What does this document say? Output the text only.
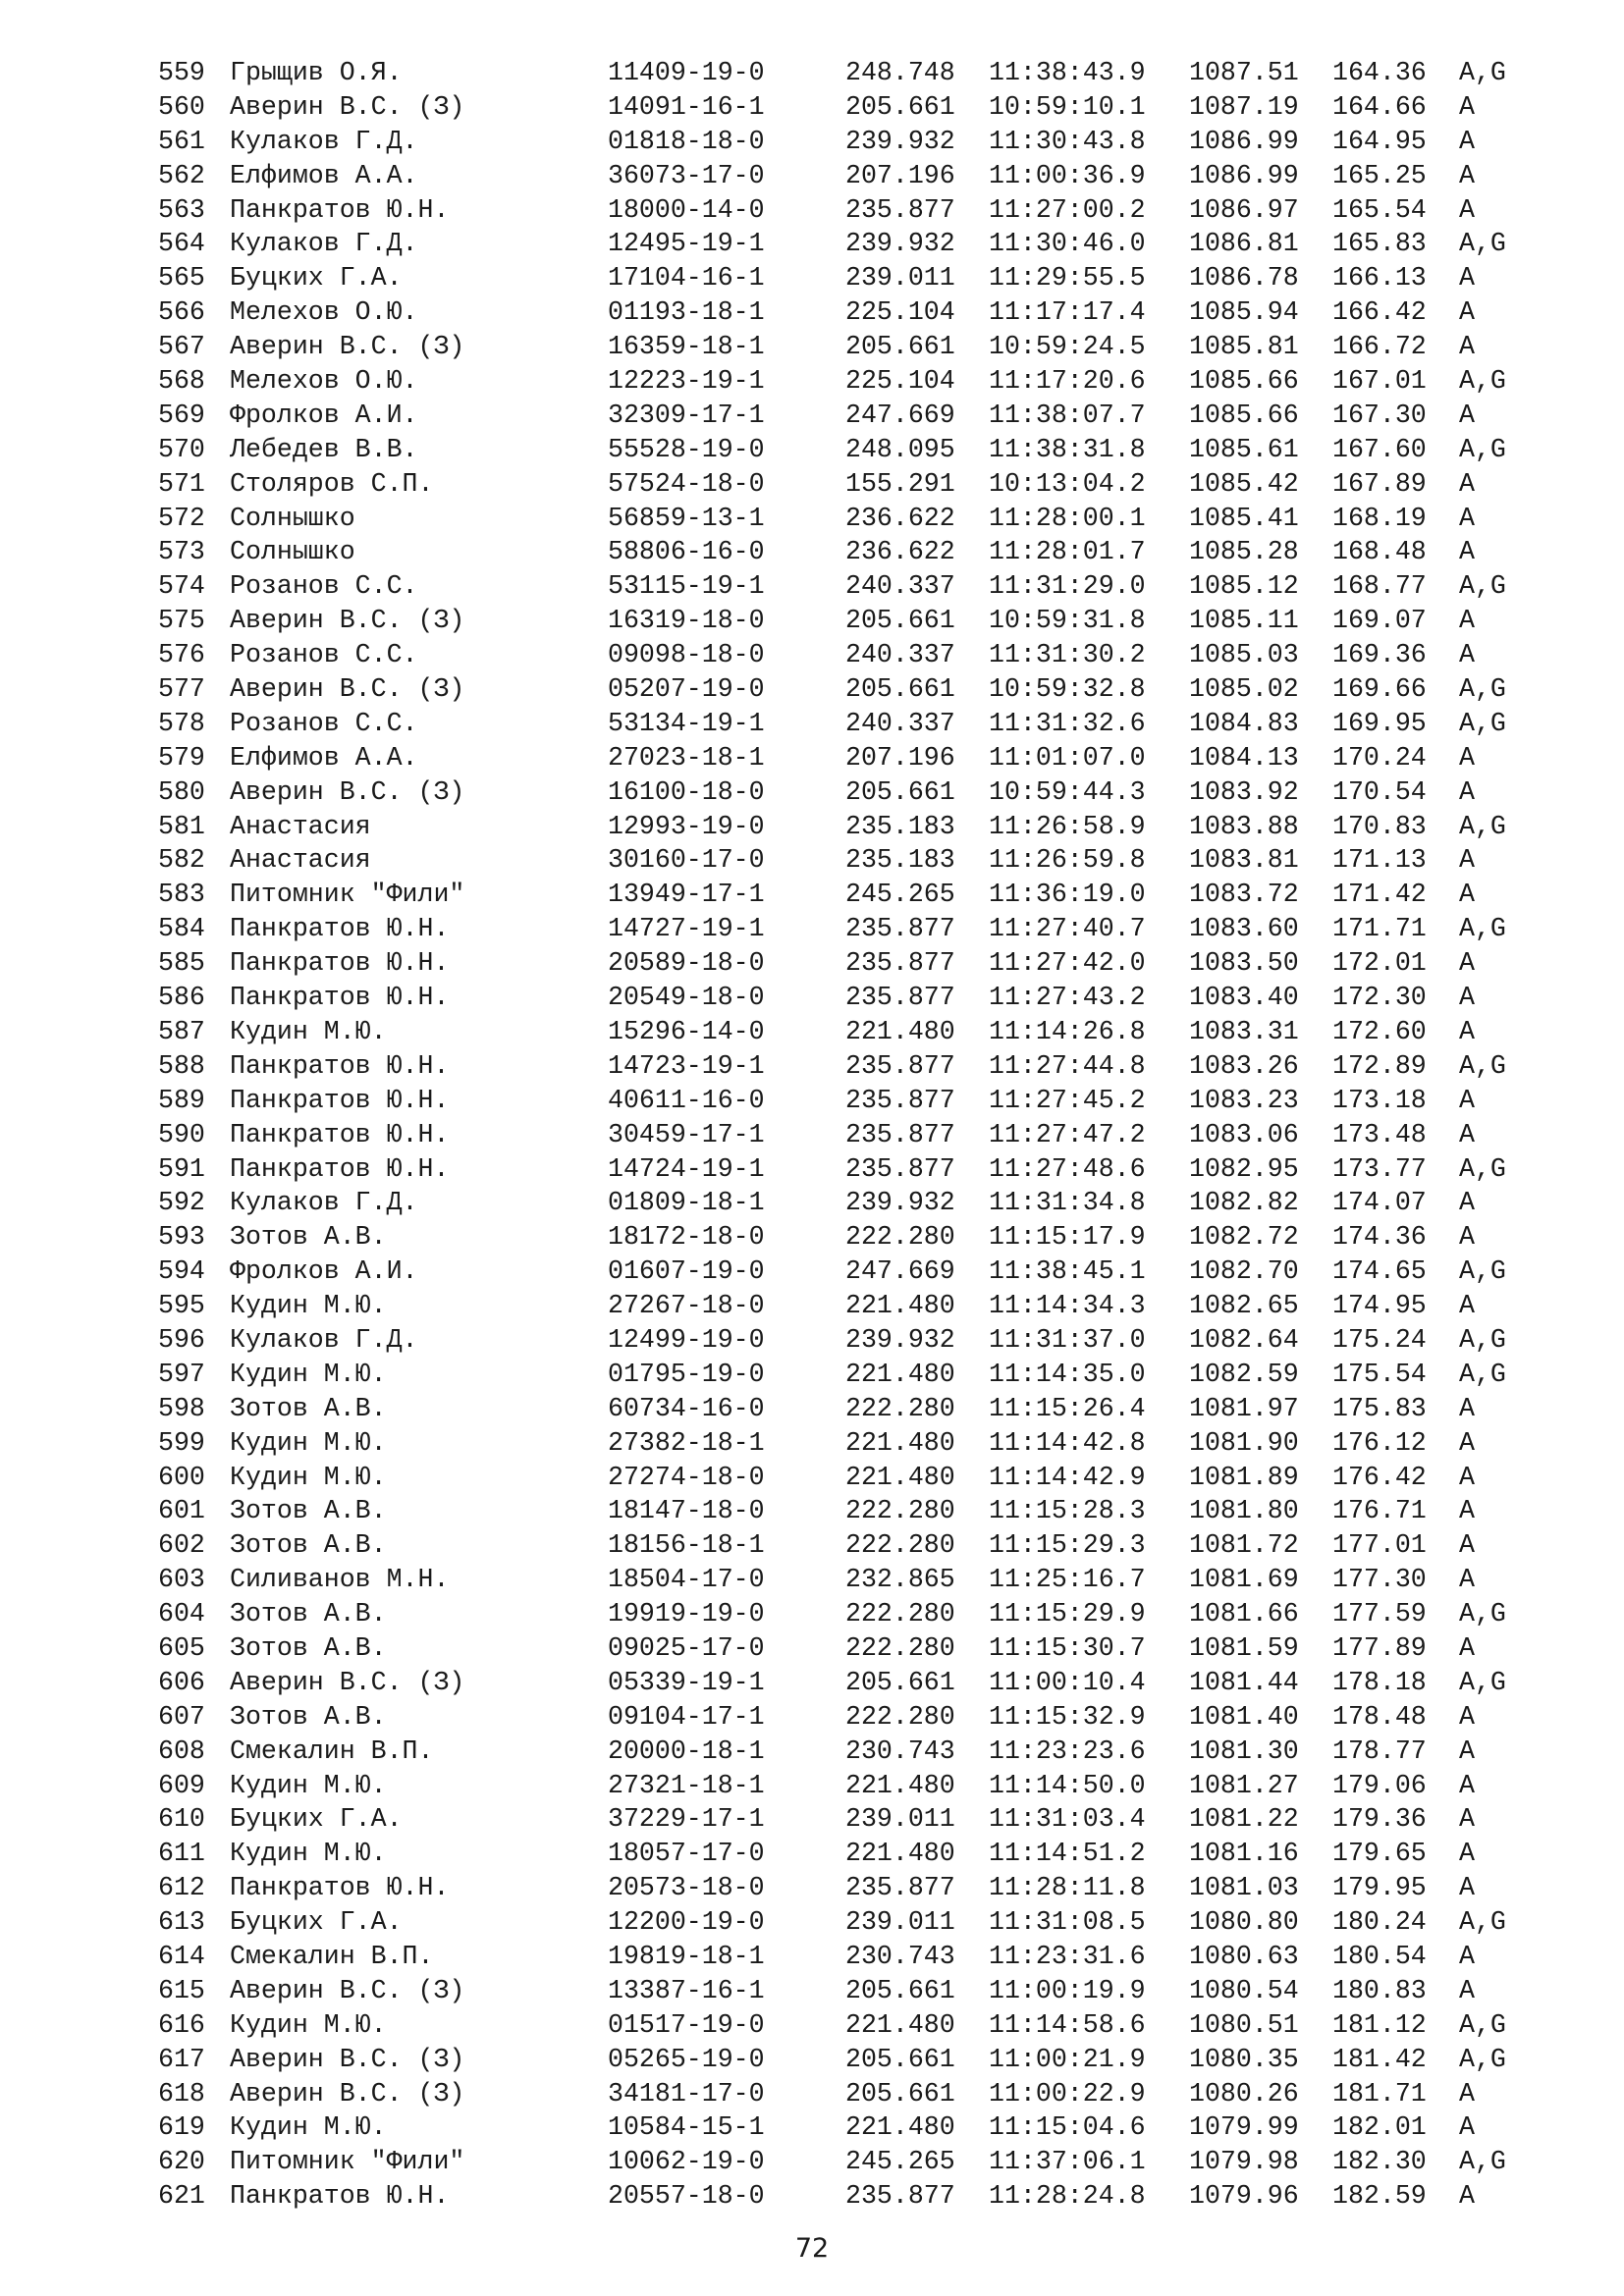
559 Грыщив О.Я.	11409-19-0	248.748 11:38:43.9 1087.51 164.36 A,G
560 Аверин В.С. (З)	14091-16-1	205.661 10:59:10.1 1087.19 164.66 A
561 Кулаков Г.Д.	01818-18-0	239.932 11:30:43.8 1086.99 164.95 A
562 Елфимов А.А.	36073-17-0	207.196 11:00:36.9 1086.99 165.25 A
563 Панкратов Ю.Н.	18000-14-0	235.877 11:27:00.2 1086.97 165.54 A
564 Кулаков Г.Д.	12495-19-1	239.932 11:30:46.0 1086.81 165.83 A,G
565 Буцких Г.А.	17104-16-1	239.011 11:29:55.5 1086.78 166.13 A
566 Мелехов О.Ю.	01193-18-1	225.104 11:17:17.4 1085.94 166.42 A
567 Аверин В.С. (З)	16359-18-1	205.661 10:59:24.5 1085.81 166.72 A
568 Мелехов О.Ю.	12223-19-1	225.104 11:17:20.6 1085.66 167.01 A,G
569 Фролков А.И.	32309-17-1	247.669 11:38:07.7 1085.66 167.30 A
570 Лебедев В.В.	55528-19-0	248.095 11:38:31.8 1085.61 167.60 A,G
571 Столяров С.П.	57524-18-0	155.291 10:13:04.2 1085.42 167.89 A
572 Солнышко	56859-13-1	236.622 11:28:00.1 1085.41 168.19 A
573 Солнышко	58806-16-0	236.622 11:28:01.7 1085.28 168.48 A
574 Розанов С.С.	53115-19-1	240.337 11:31:29.0 1085.12 168.77 A,G
575 Аверин В.С. (З)	16319-18-0	205.661 10:59:31.8 1085.11 169.07 A
576 Розанов С.С.	09098-18-0	240.337 11:31:30.2 1085.03 169.36 A
577 Аверин В.С. (З)	05207-19-0	205.661 10:59:32.8 1085.02 169.66 A,G
578 Розанов С.С.	53134-19-1	240.337 11:31:32.6 1084.83 169.95 A,G
579 Елфимов А.А.	27023-18-1	207.196 11:01:07.0 1084.13 170.24 A
580 Аверин В.С. (З)	16100-18-0	205.661 10:59:44.3 1083.92 170.54 A
581 Анастасия	12993-19-0	235.183 11:26:58.9 1083.88 170.83 A,G
582 Анастасия	30160-17-0	235.183 11:26:59.8 1083.81 171.13 A
583 Питомник "Фили"	13949-17-1	245.265 11:36:19.0 1083.72 171.42 A
584 Панкратов Ю.Н.	14727-19-1	235.877 11:27:40.7 1083.60 171.71 A,G
585 Панкратов Ю.Н.	20589-18-0	235.877 11:27:42.0 1083.50 172.01 A
586 Панкратов Ю.Н.	20549-18-0	235.877 11:27:43.2 1083.40 172.30 A
587 Кудин М.Ю.	15296-14-0	221.480 11:14:26.8 1083.31 172.60 A
588 Панкратов Ю.Н.	14723-19-1	235.877 11:27:44.8 1083.26 172.89 A,G
589 Панкратов Ю.Н.	40611-16-0	235.877 11:27:45.2 1083.23 173.18 A
590 Панкратов Ю.Н.	30459-17-1	235.877 11:27:47.2 1083.06 173.48 A
591 Панкратов Ю.Н.	14724-19-1	235.877 11:27:48.6 1082.95 173.77 A,G
592 Кулаков Г.Д.	01809-18-1	239.932 11:31:34.8 1082.82 174.07 A
593 Зотов А.В.	18172-18-0	222.280 11:15:17.9 1082.72 174.36 A
594 Фролков А.И.	01607-19-0	247.669 11:38:45.1 1082.70 174.65 A,G
595 Кудин М.Ю.	27267-18-0	221.480 11:14:34.3 1082.65 174.95 A
596 Кулаков Г.Д.	12499-19-0	239.932 11:31:37.0 1082.64 175.24 A,G
597 Кудин М.Ю.	01795-19-0	221.480 11:14:35.0 1082.59 175.54 A,G
598 Зотов А.В.	60734-16-0	222.280 11:15:26.4 1081.97 175.83 A
599 Кудин М.Ю.	27382-18-1	221.480 11:14:42.8 1081.90 176.12 A
600 Кудин М.Ю.	27274-18-0	221.480 11:14:42.9 1081.89 176.42 A
601 Зотов А.В.	18147-18-0	222.280 11:15:28.3 1081.80 176.71 A
602 Зотов А.В.	18156-18-1	222.280 11:15:29.3 1081.72 177.01 A
603 Силиванов М.Н.	18504-17-0	232.865 11:25:16.7 1081.69 177.30 A
604 Зотов А.В.	19919-19-0	222.280 11:15:29.9 1081.66 177.59 A,G
605 Зотов А.В.	09025-17-0	222.280 11:15:30.7 1081.59 177.89 A
606 Аверин В.С. (З)	05339-19-1	205.661 11:00:10.4 1081.44 178.18 A,G
607 Зотов А.В.	09104-17-1	222.280 11:15:32.9 1081.40 178.48 A
608 Смекалин В.П.	20000-18-1	230.743 11:23:23.6 1081.30 178.77 A
609 Кудин М.Ю.	27321-18-1	221.480 11:14:50.0 1081.27 179.06 A
610 Буцких Г.А.	37229-17-1	239.011 11:31:03.4 1081.22 179.36 A
611 Кудин М.Ю.	18057-17-0	221.480 11:14:51.2 1081.16 179.65 A
612 Панкратов Ю.Н.	20573-18-0	235.877 11:28:11.8 1081.03 179.95 A
613 Буцких Г.А.	12200-19-0	239.011 11:31:08.5 1080.80 180.24 A,G
614 Смекалин В.П.	19819-18-1	230.743 11:23:31.6 1080.63 180.54 A
615 Аверин В.С. (З)	13387-16-1	205.661 11:00:19.9 1080.54 180.83 A
616 Кудин М.Ю.	01517-19-0	221.480 11:14:58.6 1080.51 181.12 A,G
617 Аверин В.С. (З)	05265-19-0	205.661 11:00:21.9 1080.35 181.42 A,G
618 Аверин В.С. (З)	34181-17-0	205.661 11:00:22.9 1080.26 181.71 A
619 Кудин М.Ю.	10584-15-1	221.480 11:15:04.6 1079.99 182.01 A
620 Питомник "Фили"	10062-19-0	245.265 11:37:06.1 1079.98 182.30 A,G
621 Панкратов Ю.Н.	20557-18-0	235.877 11:28:24.8 1079.96 182.59 A
72
